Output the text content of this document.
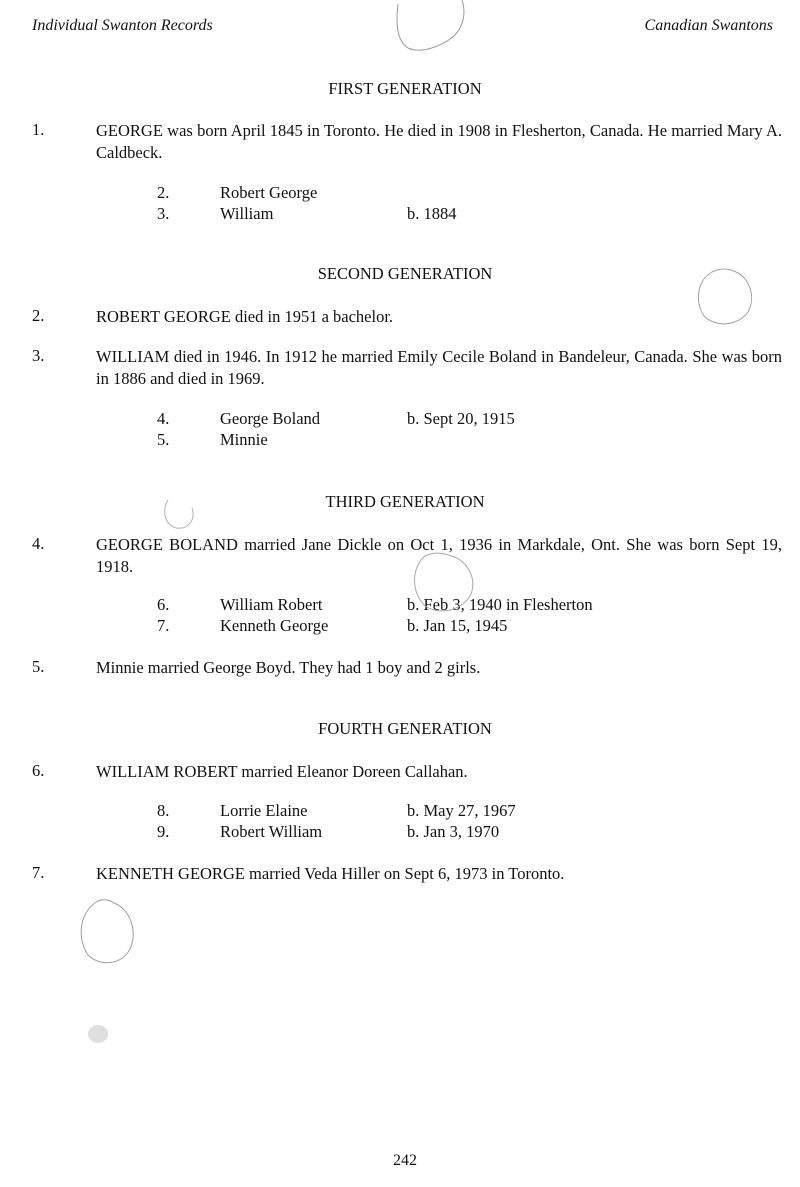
Individual Swanton Records	Canadian Swantons
FIRST GENERATION
1.	GEORGE was born April 1845 in Toronto. He died in 1908 in Flesherton, Canada. He married Mary A. Caldbeck.
2.	Robert George
3.	William	b. 1884
SECOND GENERATION
2.	ROBERT GEORGE died in 1951 a bachelor.
3.	WILLIAM died in 1946. In 1912 he married Emily Cecile Boland in Bandeleur, Canada. She was born in 1886 and died in 1969.
4.	George Boland	b. Sept 20, 1915
5.	Minnie
THIRD GENERATION
4.	GEORGE BOLAND married Jane Dickle on Oct 1, 1936 in Markdale, Ont. She was born Sept 19, 1918.
6.	William Robert	b. Feb 3, 1940 in Flesherton
7.	Kenneth George	b. Jan 15, 1945
5.	Minnie married George Boyd. They had 1 boy and 2 girls.
FOURTH GENERATION
6.	WILLIAM ROBERT married Eleanor Doreen Callahan.
8.	Lorrie Elaine	b. May 27, 1967
9.	Robert William	b. Jan 3, 1970
7.	KENNETH GEORGE married Veda Hiller on Sept 6, 1973 in Toronto.
242
